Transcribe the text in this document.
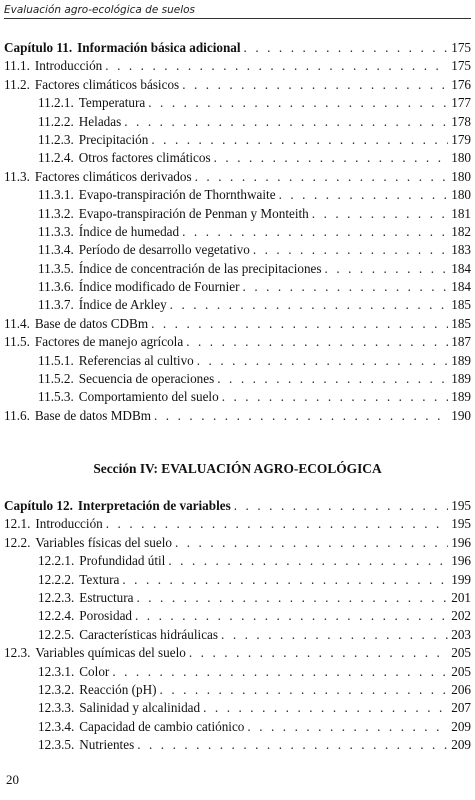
Evaluación agro-ecológica de suelos
Capítulo 11. Información básica adicional . . .	175
11.1. Introducción . . .	175
11.2. Factores climáticos básicos . . .	176
11.2.1. Temperatura . . .	177
11.2.2. Heladas . . .	178
11.2.3. Precipitación . . .	179
11.2.4. Otros factores climáticos . . .	180
11.3. Factores climáticos derivados . . .	180
11.3.1. Evapo-transpiración de Thornthwaite . . .	180
11.3.2. Evapo-transpiración de Penman y Monteith . . .	181
11.3.3. Índice de humedad . . .	182
11.3.4. Período de desarrollo vegetativo . . .	183
11.3.5. Índice de concentración de las precipitaciones . . .	184
11.3.6. Índice modificado de Fournier . . .	184
11.3.7. Índice de Arkley . . .	185
11.4. Base de datos CDBm . . .	185
11.5. Factores de manejo agrícola . . .	187
11.5.1. Referencias al cultivo . . .	189
11.5.2. Secuencia de operaciones . . .	189
11.5.3. Comportamiento del suelo . . .	189
11.6. Base de datos MDBm . . .	190
Sección IV: EVALUACIÓN AGRO-ECOLÓGICA
Capítulo 12. Interpretación de variables . . .	195
12.1. Introducción . . .	195
12.2. Variables físicas del suelo . . .	196
12.2.1. Profundidad útil . . .	196
12.2.2. Textura . . .	199
12.2.3. Estructura . . .	201
12.2.4. Porosidad . . .	202
12.2.5. Características hidráulicas . . .	203
12.3. Variables químicas del suelo . . .	205
12.3.1. Color . . .	205
12.3.2. Reacción (pH) . . .	206
12.3.3. Salinidad y alcalinidad . . .	207
12.3.4. Capacidad de cambio catiónico . . .	209
12.3.5. Nutrientes . . .	209
20
